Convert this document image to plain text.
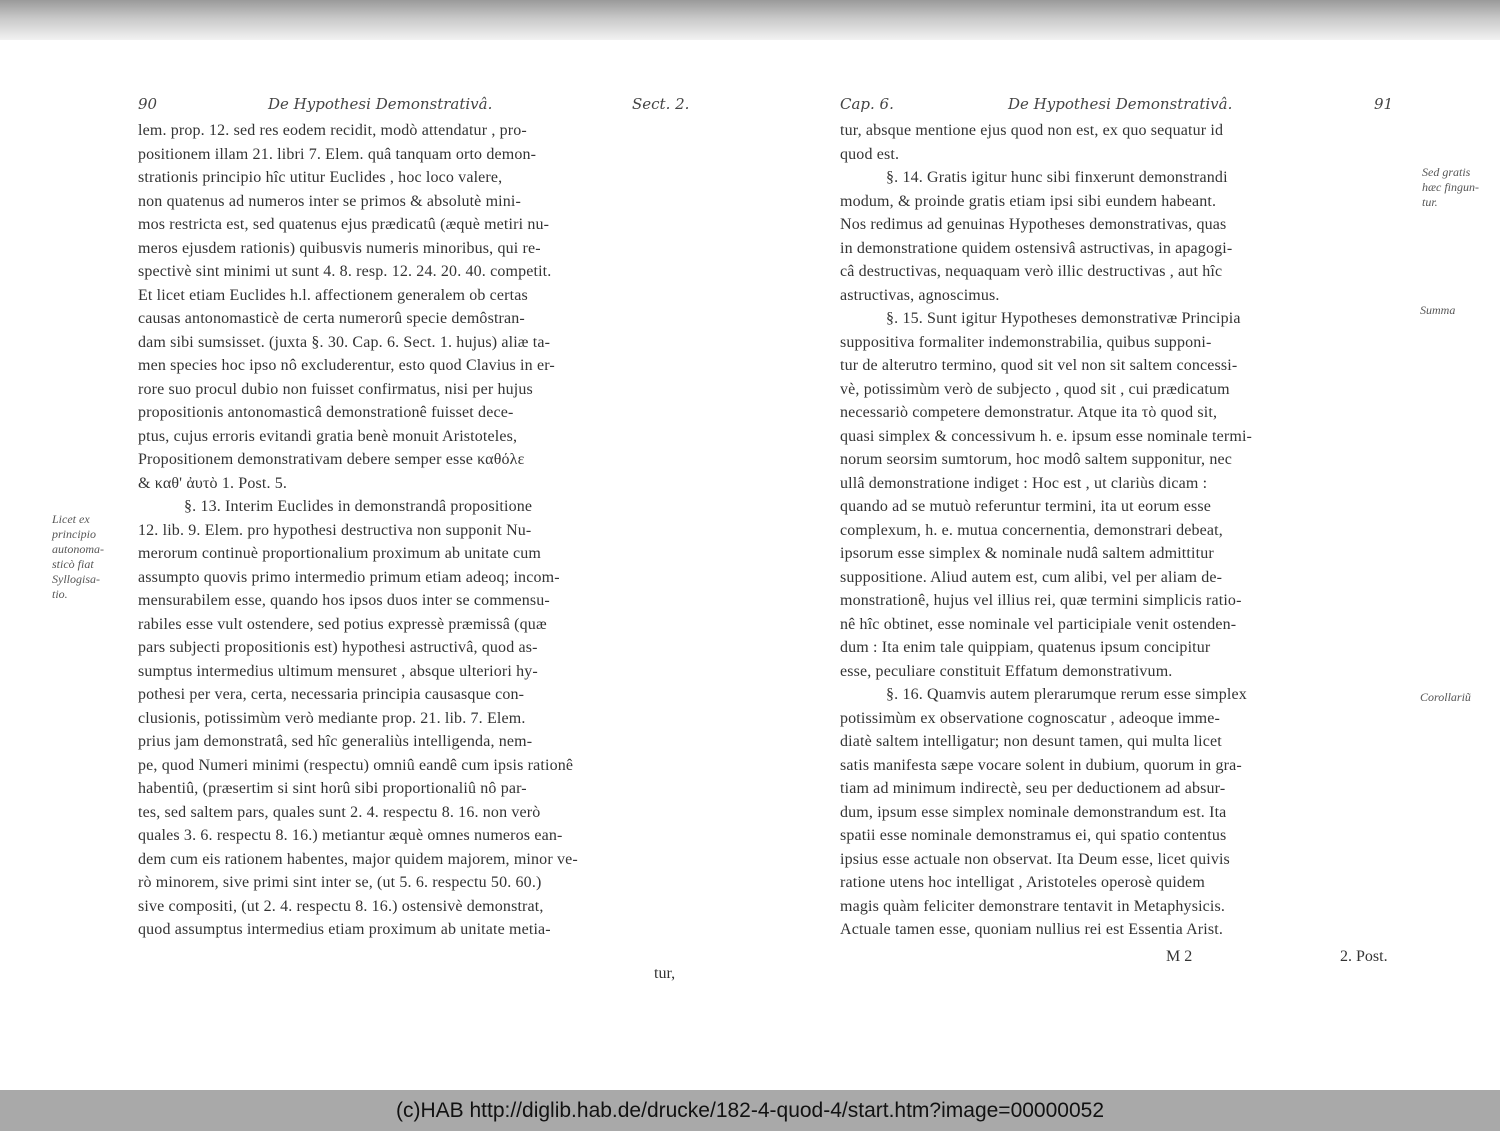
90	De Hypothesi Demonstrativâ.	Sect. 2.
lem. prop. 12. sed res eodem recidit, modò attendatur , pro-
positionem illam 21. libri 7. Elem. quâ tanquam orto demon-
strationis principio hîc utitur Euclides , hoc loco valere,
non quatenus ad numeros inter se primos & absolutè mini-
mos restricta est, sed quatenus ejus prædicatû (æquè metiri nu-
meros ejusdem rationis) quibusvis numeris minoribus, qui re-
spectivè sint minimi ut sunt 4. 8. resp. 12. 24. 20. 40. competit.
Et licet etiam Euclides h.l. affectionem generalem ob certas
causas antonomasticè de certa numerorû specie demôstran-
dam sibi sumsisset. (juxta §. 30. Cap. 6. Sect. 1. hujus) aliæ ta-
men species hoc ipso nô excluderentur, esto quod Clavius in er-
rore suo procul dubio non fuisset confirmatus, nisi per hujus
propositionis antonomasticâ demonstrationê fuisset dece-
ptus, cujus erroris evitandi gratia benè monuit Aristoteles,
Propositionem demonstrativam debere semper esse καθόλε
& καθ' ἀυτὸ 1. Post. 5.
§. 13. Interim Euclides in demonstrandâ propositione
12. lib. 9. Elem. pro hypothesi destructiva non supponit Nu-
merorum continuè proportionalium proximum ab unitate cum
assumpto quovis primo intermedio primum etiam adeoq; incom-
mensurabilem esse, quando hos ipsos duos inter se commensu-
rabiles esse vult ostendere, sed potius expressè præmissâ (quæ
pars subjecti propositionis est) hypothesi astructivâ, quod as-
sumptus intermedius ultimum mensuret , absque ulteriori hy-
pothesi per vera, certa, necessaria principia causasque con-
clusionis, potissimùm verò mediante prop. 21. lib. 7. Elem.
prius jam demonstratâ, sed hîc generaliùs intelligenda, nem-
pe, quod Numeri minimi (respectu) omniû eandê cum ipsis rationê
habentiû, (præsertim si sint horû sibi proportionaliû nô par-
tes, sed saltem pars, quales sunt 2. 4. respectu 8. 16. non verò
quales 3. 6. respectu 8. 16.) metiantur æquè omnes numeros ean-
dem cum eis rationem habentes, major quidem majorem, minor ve-
rò minorem, sive primi sint inter se, (ut 5. 6. respectu 50. 60.)
sive compositi, (ut 2. 4. respectu 8. 16.) ostensivè demonstrat,
quod assumptus intermedius etiam proximum ab unitate metia-
tur,
Licet ex
principio
autonoma-
sticò fiat
Syllogisa-
tio.
Cap. 6.	De Hypothesi Demonstrativâ.	91
tur, absque mentione ejus quod non est, ex quo sequatur id
quod est.
§. 14. Gratis igitur hunc sibi finxerunt demonstrandi
modum, & proinde gratis etiam ipsi sibi eundem habeant.
Nos redimus ad genuinas Hypotheses demonstrativas, quas
in demonstratione quidem ostensivâ astructivas, in apagogi-
câ destructivas, nequaquam verò illic destructivas , aut hîc
astructivas, agnoscimus.
§. 15. Sunt igitur Hypotheses demonstrativæ Principia
suppositiva formaliter indemonstrabilia, quibus supponi-
tur de alterutro termino, quod sit vel non sit saltem concessi-
vè, potissimùm verò de subjecto , quod sit , cui prædicatum
necessariò competere demonstratur. Atque ita τὸ quod sit,
quasi simplex & concessivum h. e. ipsum esse nominale termi-
norum seorsim sumtorum, hoc modô saltem supponitur, nec
ullâ demonstratione indiget : Hoc est , ut clariùs dicam :
quando ad se mutuò referuntur termini, ita ut eorum esse
complexum, h. e. mutua concernentia, demonstrari debeat,
ipsorum esse simplex & nominale nudâ saltem admittitur
suppositione. Aliud autem est, cum alibi, vel per aliam de-
monstrationê, hujus vel illius rei, quæ termini simplicis ratio-
nê hîc obtinet, esse nominale vel participiale venit ostenden-
dum : Ita enim tale quippiam, quatenus ipsum concipitur
esse, peculiare constituit Effatum demonstrativum.
§. 16. Quamvis autem plerarumque rerum esse simplex
potissimùm ex observatione cognoscatur , adeoque imme-
diatè saltem intelligatur; non desunt tamen, qui multa licet
satis manifesta sæpe vocare solent in dubium, quorum in gra-
tiam ad minimum indirectè, seu per deductionem ad absur-
dum, ipsum esse simplex nominale demonstrandum est. Ita
spatii esse nominale demonstramus ei, qui spatio contentus
ipsius esse actuale non observat. Ita Deum esse, licet quivis
ratione utens hoc intelligat , Aristoteles operosè quidem
magis quàm feliciter demonstrare tentavit in Metaphysicis.
Actuale tamen esse, quoniam nullius rei est Essentia Arist.
M 2	2. Post.
Sed gratis
hæc fingun-
tur.
Summa
Corollariũ
(c)HAB http://diglib.hab.de/drucke/182-4-quod-4/start.htm?image=00000052
